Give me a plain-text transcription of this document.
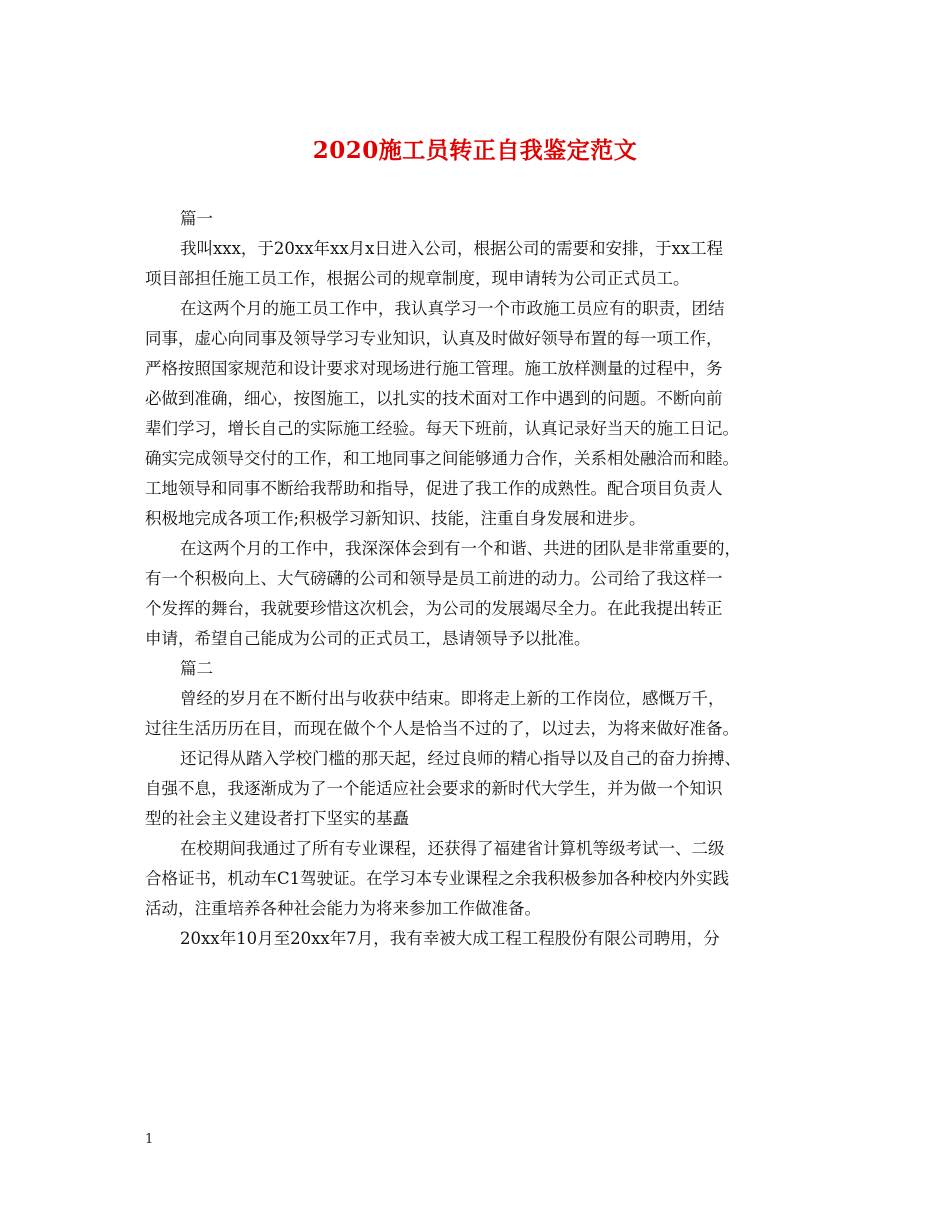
2020施工员转正自我鉴定范文
篇一
我叫xxx，于20xx年xx月x日进入公司，根据公司的需要和安排，于xx工程
项目部担任施工员工作，根据公司的规章制度，现申请转为公司正式员工。
在这两个月的施工员工作中，我认真学习一个市政施工员应有的职责，团结
同事，虚心向同事及领导学习专业知识，认真及时做好领导布置的每一项工作，
严格按照国家规范和设计要求对现场进行施工管理。施工放样测量的过程中，务
必做到准确，细心，按图施工，以扎实的技术面对工作中遇到的问题。不断向前
辈们学习，增长自己的实际施工经验。每天下班前，认真记录好当天的施工日记。
确实完成领导交付的工作，和工地同事之间能够通力合作，关系相处融洽而和睦。
工地领导和同事不断给我帮助和指导，促进了我工作的成熟性。配合项目负责人
积极地完成各项工作;积极学习新知识、技能，注重自身发展和进步。
在这两个月的工作中，我深深体会到有一个和谐、共进的团队是非常重要的，
有一个积极向上、大气磅礴的公司和领导是员工前进的动力。公司给了我这样一
个发挥的舞台，我就要珍惜这次机会，为公司的发展竭尽全力。在此我提出转正
申请，希望自己能成为公司的正式员工，恳请领导予以批准。
篇二
曾经的岁月在不断付出与收获中结束。即将走上新的工作岗位，感慨万千，
过往生活历历在目，而现在做个个人是恰当不过的了，以过去，为将来做好准备。
还记得从踏入学校门槛的那天起，经过良师的精心指导以及自己的奋力拚搏、
自强不息，我逐渐成为了一个能适应社会要求的新时代大学生，并为做一个知识
型的社会主义建设者打下坚实的基矗
在校期间我通过了所有专业课程，还获得了福建省计算机等级考试一、二级
合格证书，机动车C1驾驶证。在学习本专业课程之余我积极参加各种校内外实践
活动，注重培养各种社会能力为将来参加工作做准备。
20xx年10月至20xx年7月，我有幸被大成工程工程股份有限公司聘用，分
1
